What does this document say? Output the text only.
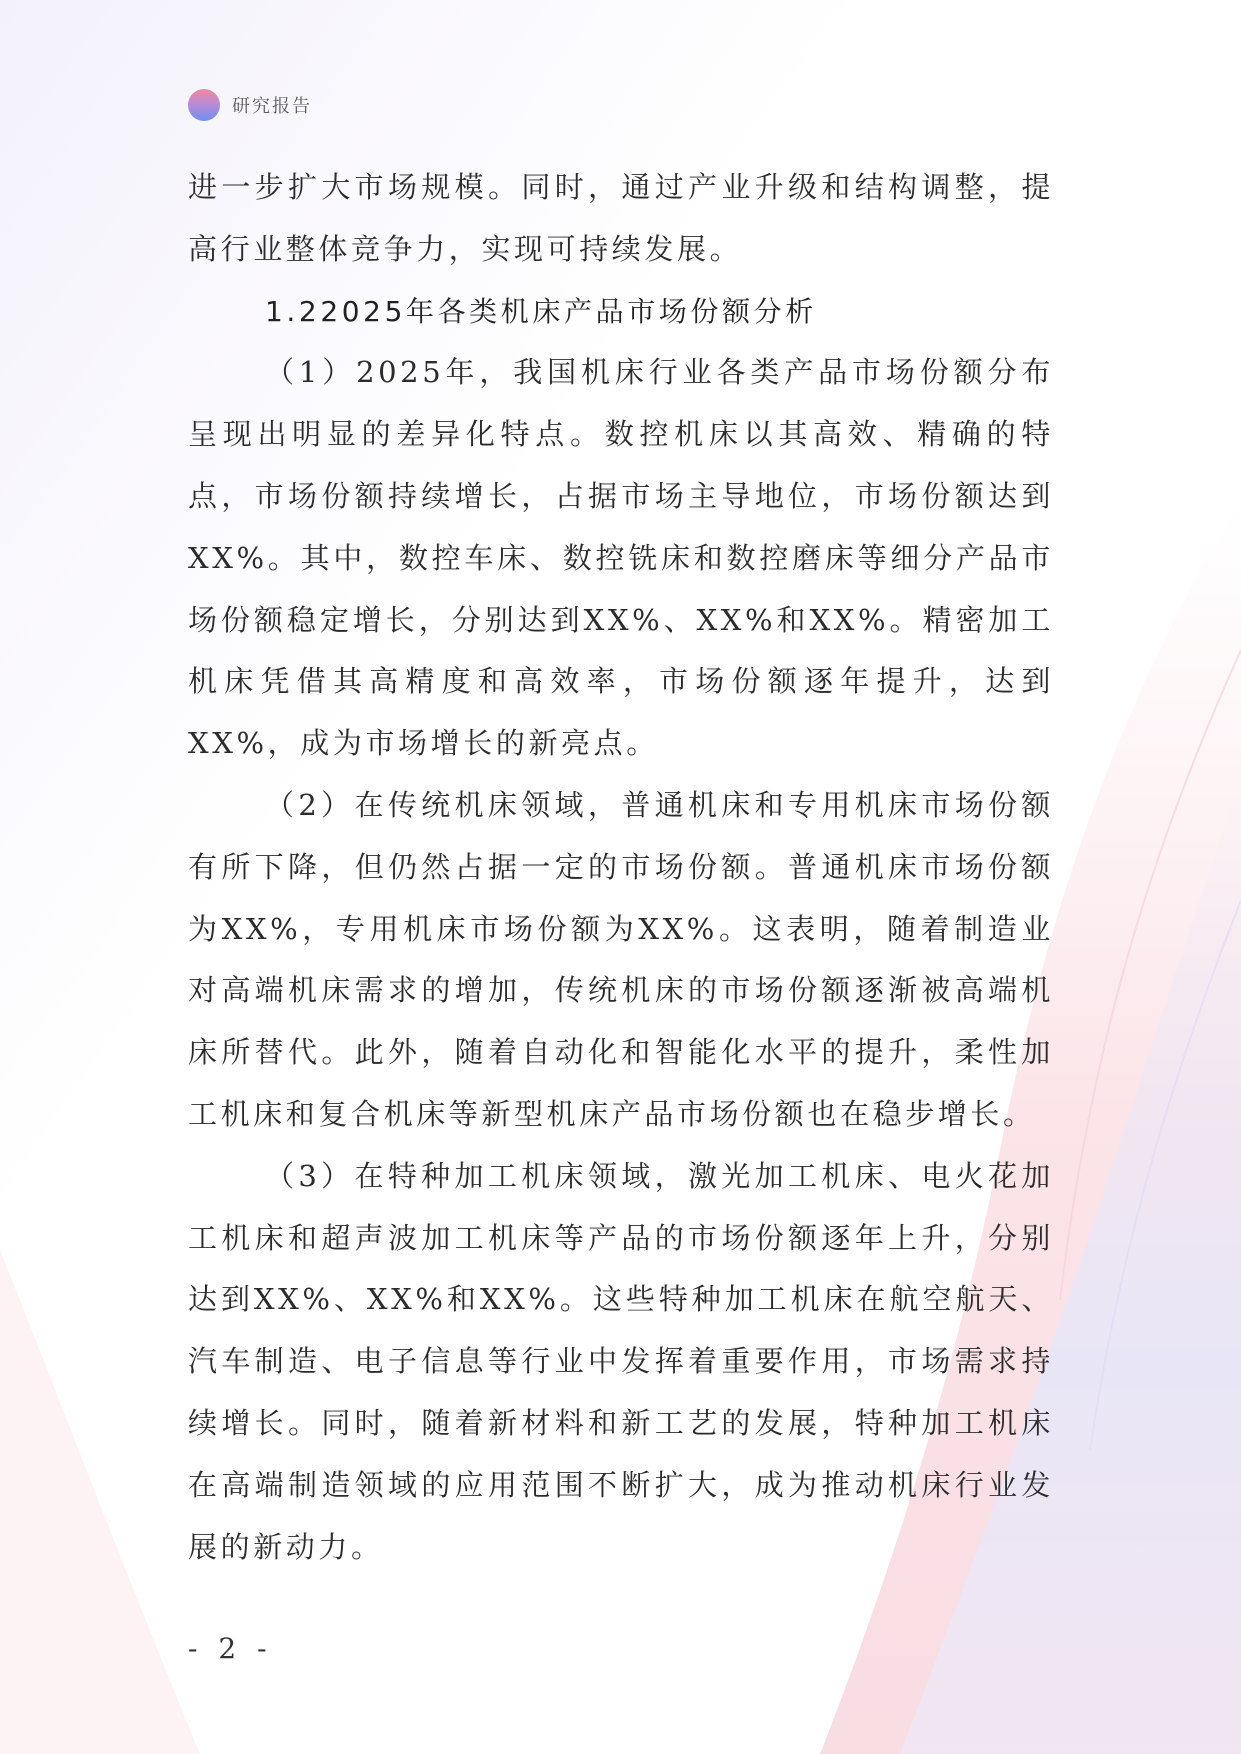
研究报告

进一步扩大市场规模。同时，通过产业升级和结构调整，提高行业整体竞争力，实现可持续发展。

1.22025年各类机床产品市场份额分析

（1）2025年，我国机床行业各类产品市场份额分布呈现出明显的差异化特点。数控机床以其高效、精确的特点，市场份额持续增长，占据市场主导地位，市场份额达到XX%。其中，数控车床、数控铣床和数控磨床等细分产品市场份额稳定增长，分别达到XX%、XX%和XX%。精密加工机床凭借其高精度和高效率，市场份额逐年提升，达到XX%，成为市场增长的新亮点。

（2）在传统机床领域，普通机床和专用机床市场份额有所下降，但仍然占据一定的市场份额。普通机床市场份额为XX%，专用机床市场份额为XX%。这表明，随着制造业对高端机床需求的增加，传统机床的市场份额逐渐被高端机床所替代。此外，随着自动化和智能化水平的提升，柔性加工机床和复合机床等新型机床产品市场份额也在稳步增长。

（3）在特种加工机床领域，激光加工机床、电火花加工机床和超声波加工机床等产品的市场份额逐年上升，分别达到XX%、XX%和XX%。这些特种加工机床在航空航天、汽车制造、电子信息等行业中发挥着重要作用，市场需求持续增长。同时，随着新材料和新工艺的发展，特种加工机床在高端制造领域的应用范围不断扩大，成为推动机床行业发展的新动力。

- 2 -
